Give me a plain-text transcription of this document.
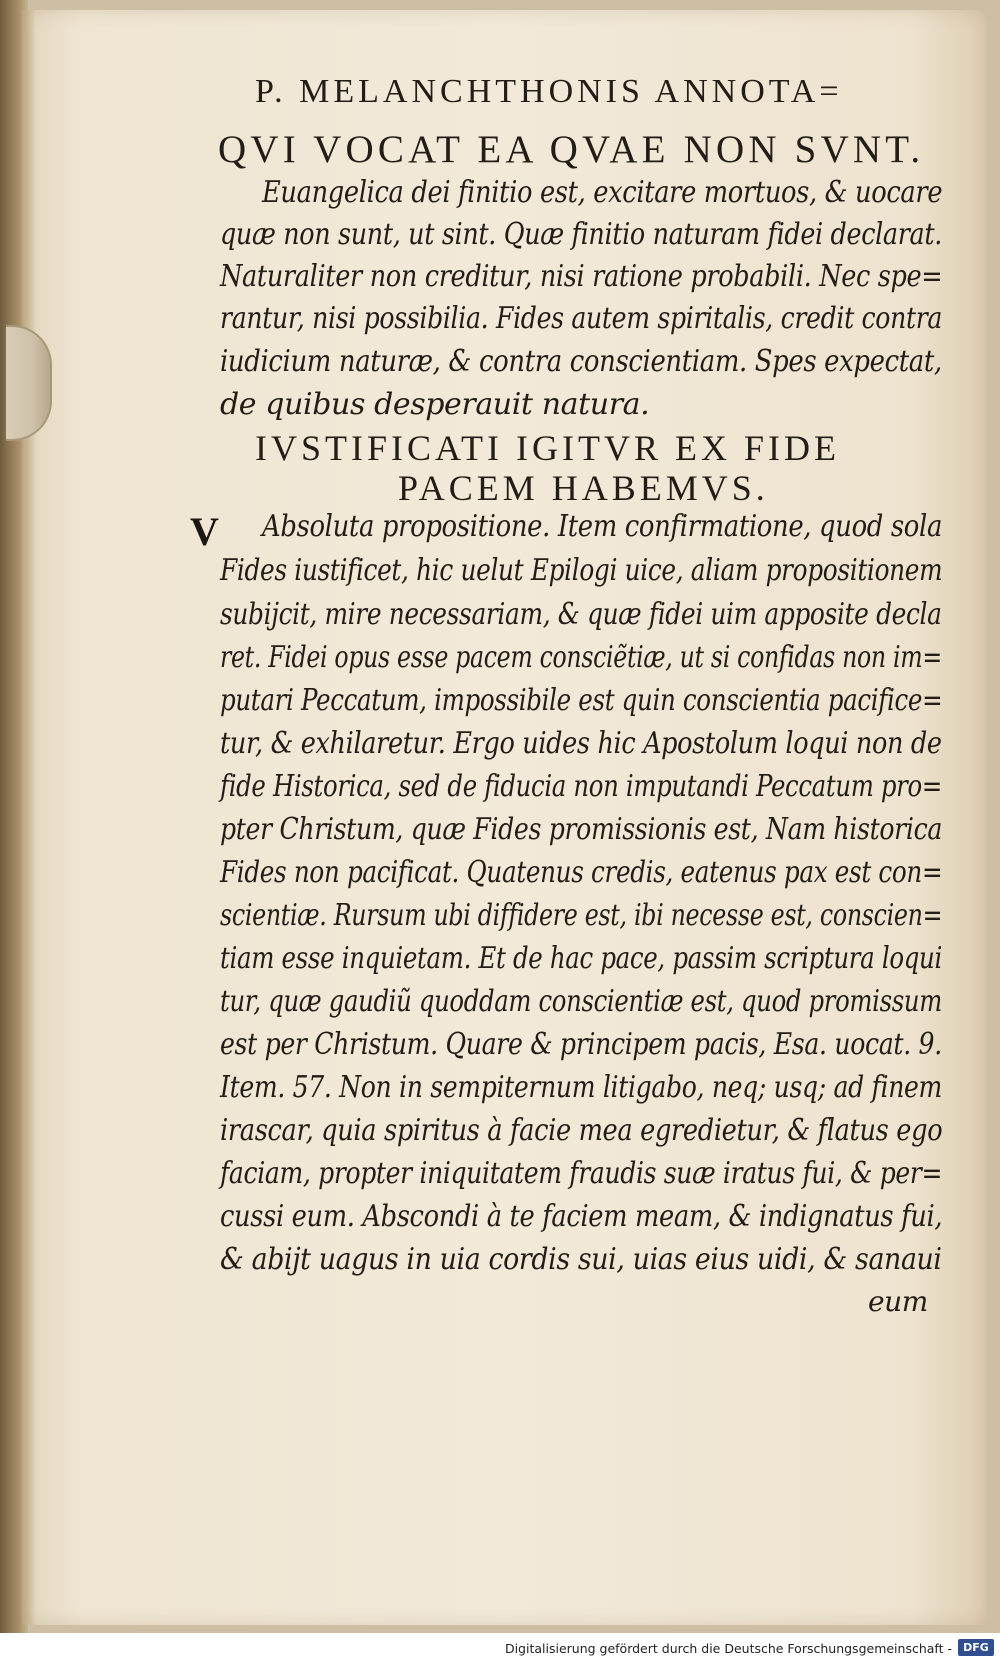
P. MELANCHTHONIS ANNOTA=
QVI VOCAT EA QVAE NON SVNT.
Euangelica dei finitio est, excitare mortuos, & uocare
quæ non sunt, ut sint. Quæ finitio naturam fidei declarat.
Naturaliter non creditur, nisi ratione probabili. Nec spe=
rantur, nisi possibilia. Fides autem spiritalis, credit contra
iudicium naturæ, & contra conscientiam. Spes expectat,
de quibus desperauit natura.
IVSTIFICATI IGITVR EX FIDE
PACEM HABEMVS.
V Absoluta propositione. Item confirmatione, quod sola
Fides iustificet, hic uelut Epilogi uice, aliam propositionem
subijcit, mire necessariam, & quæ fidei uim apposite decla
ret. Fidei opus esse pacem consciẽtiæ, ut si confidas non im=
putari Peccatum, impossibile est quin conscientia pacifice=
tur, & exhilaretur. Ergo uides hic Apostolum loqui non de
fide Historica, sed de fiducia non imputandi Peccatum pro=
pter Christum, quæ Fides promissionis est, Nam historica
Fides non pacificat. Quatenus credis, eatenus pax est con=
scientiæ. Rursum ubi diffidere est, ibi necesse est, conscien=
tiam esse inquietam. Et de hac pace, passim scriptura loqui
tur, quæ gaudiũ quoddam conscientiæ est, quod promissum
est per Christum. Quare & principem pacis, Esa. uocat. 9.
Item. 57. Non in sempiternum litigabo, neq; usq; ad finem
irascar, quia spiritus à facie mea egredietur, & flatus ego
faciam, propter iniquitatem fraudis suæ iratus fui, & per=
cussi eum. Abscondi à te faciem meam, & indignatus fui,
& abijt uagus in uia cordis sui, uias eius uidi, & sanaui
eum
Digitalisierung gefördert durch die Deutsche Forschungsgemeinschaft -	DFG
